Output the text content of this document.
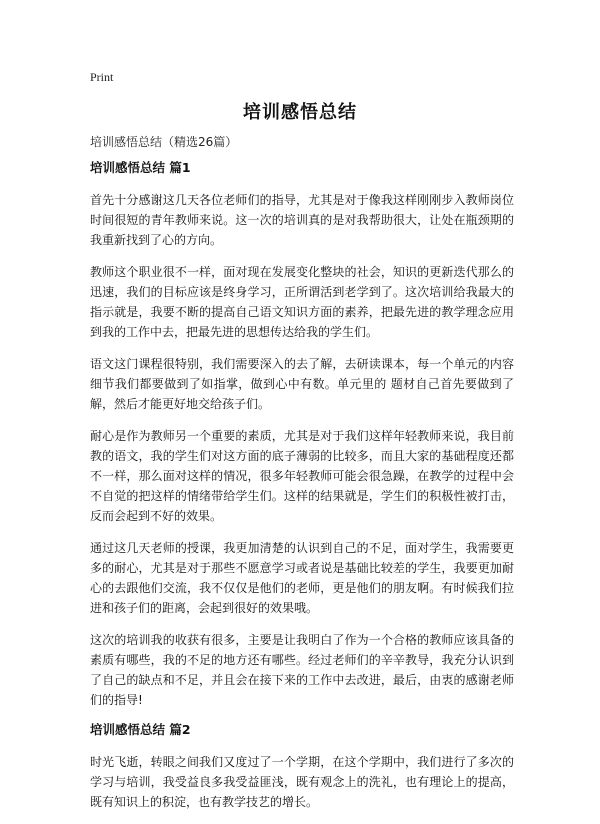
Print
培训感悟总结
培训感悟总结（精选26篇）
培训感悟总结 篇1

首先十分感谢这几天各位老师们的指导，尤其是对于像我这样刚刚步入教师岗位时间很短的青年教师来说。这一次的培训真的是对我帮助很大，让处在瓶颈期的我重新找到了心的方向。

教师这个职业很不一样，面对现在发展变化整块的社会，知识的更新迭代那么的迅速，我们的目标应该是终身学习，正所谓活到老学到了。这次培训给我最大的指示就是，我要不断的提高自己语文知识方面的素养，把最先进的教学理念应用到我的工作中去，把最先进的思想传达给我的学生们。

语文这门课程很特别，我们需要深入的去了解，去研读课本，每一个单元的内容细节我们都要做到了如指掌，做到心中有数。单元里的 题材自己首先要做到了解，然后才能更好地交给孩子们。

耐心是作为教师另一个重要的素质，尤其是对于我们这样年轻教师来说，我目前教的语文，我的学生们对这方面的底子薄弱的比较多，而且大家的基础程度还都不一样，那么面对这样的情况，很多年轻教师可能会很急躁，在教学的过程中会不自觉的把这样的情绪带给学生们。这样的结果就是，学生们的积极性被打击，反而会起到不好的效果。

通过这几天老师的授课，我更加清楚的认识到自己的不足，面对学生，我需要更多的耐心，尤其是对于那些不愿意学习或者说是基础比较差的学生，我要更加耐心的去跟他们交流，我不仅仅是他们的老师，更是他们的朋友啊。有时候我们拉进和孩子们的距离，会起到很好的效果哦。

这次的培训我的收获有很多，主要是让我明白了作为一个合格的教师应该具备的素质有哪些，我的不足的地方还有哪些。经过老师们的辛辛教导，我充分认识到了自己的缺点和不足，并且会在接下来的工作中去改进，最后，由衷的感谢老师们的指导!

培训感悟总结 篇2

时光飞逝，转眼之间我们又度过了一个学期，在这个学期中，我们进行了多次的学习与培训，我受益良多我受益匪浅，既有观念上的洗礼，也有理论上的提高，既有知识上的积淀，也有教学技艺的增长。
